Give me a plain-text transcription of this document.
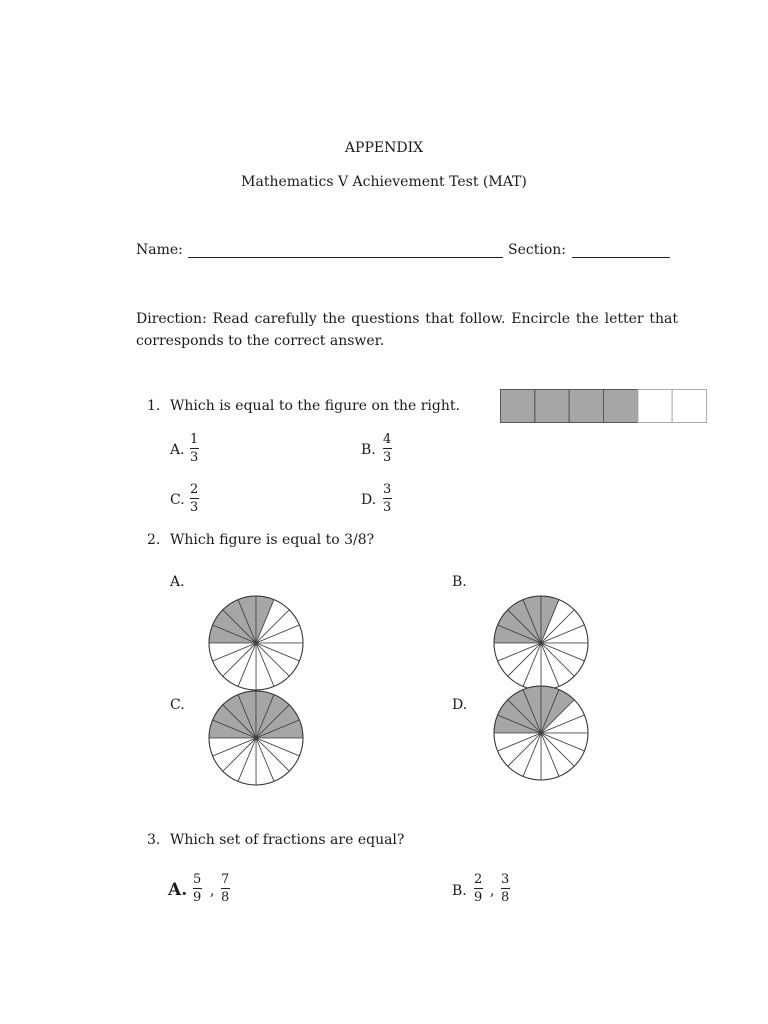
APPENDIX
Mathematics V Achievement Test (MAT)
Name:	Section:
Direction: Read carefully the questions that follow. Encircle the letter that corresponds to the correct answer.
1. Which is equal to the figure on the right.
A.
1
3	B.
4
3
C.
2
3	D.
3
3
2. Which figure is equal to 3/8?
A.	B.
C.	D.
3. Which set of fractions are equal?
A.
5
9 ,
7
8	B.
2
9 ,
3
8
